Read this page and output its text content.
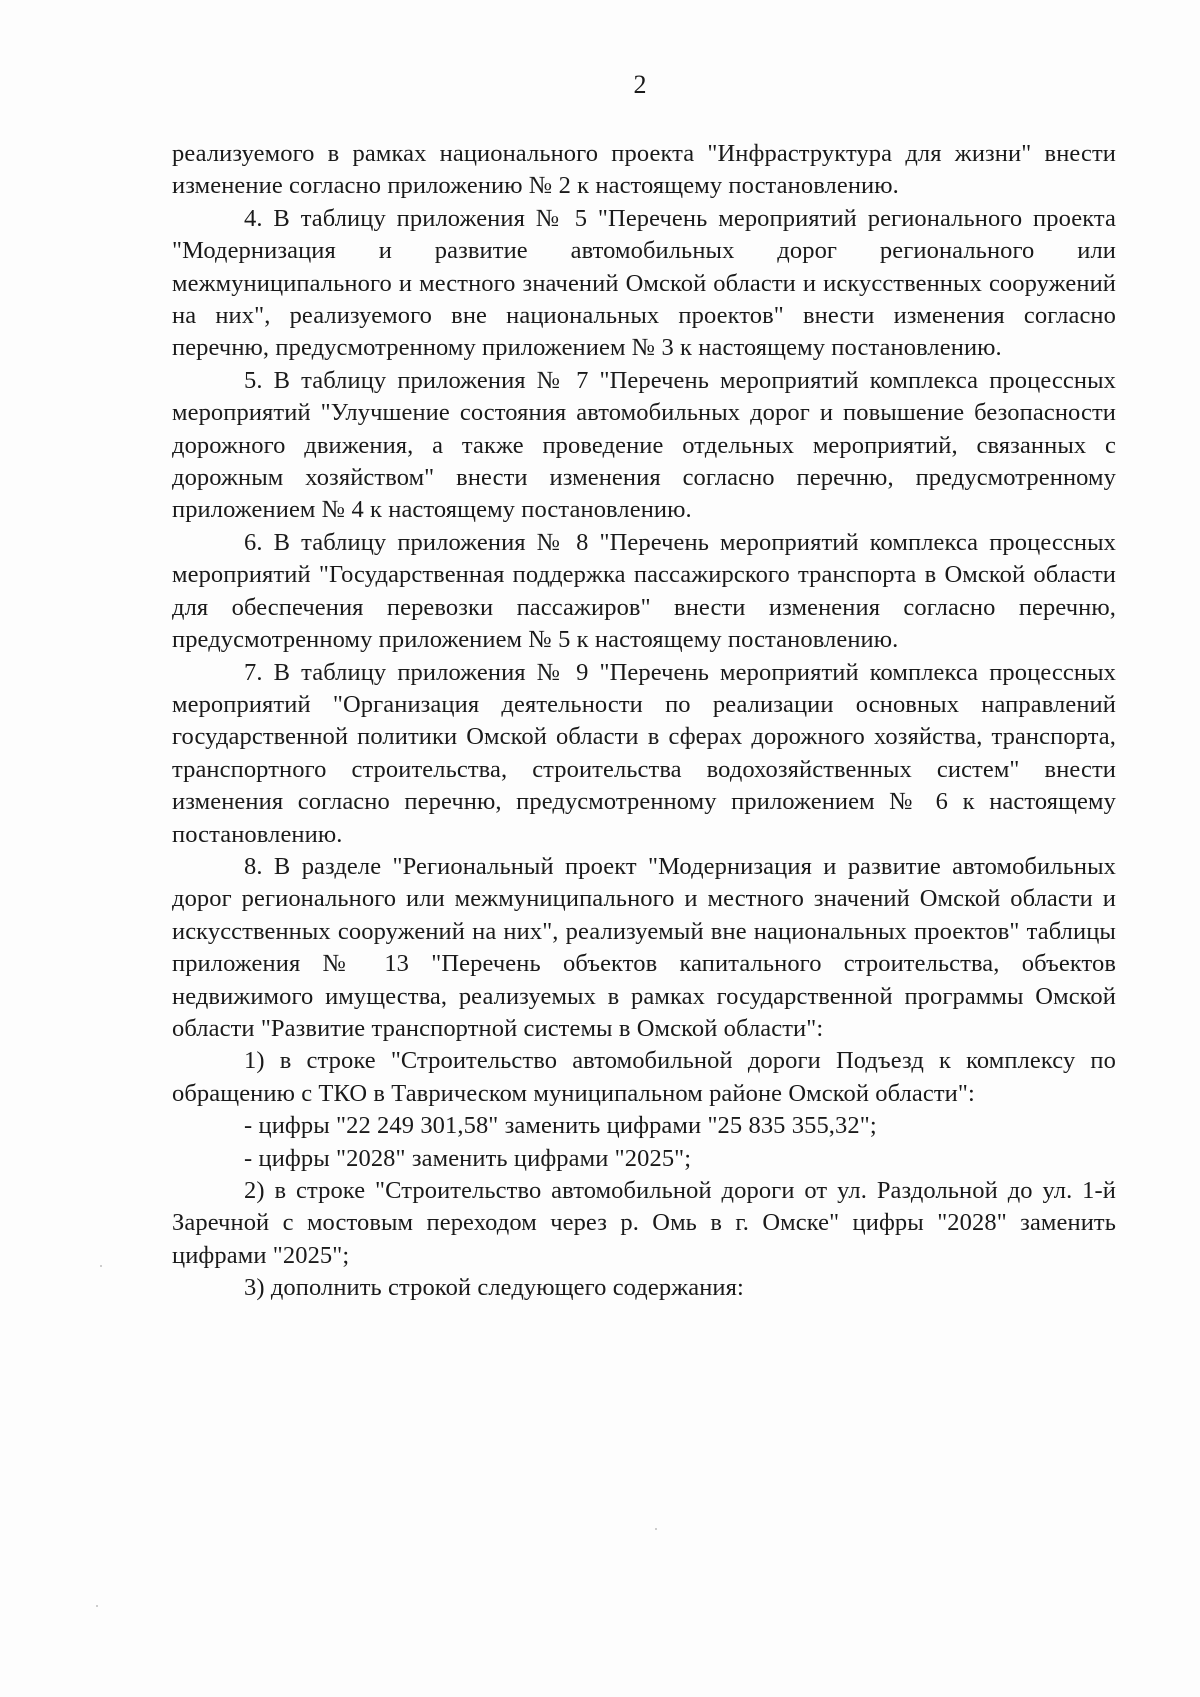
2

реализуемого в рамках национального проекта "Инфраструктура для жизни" внести изменение согласно приложению № 2 к настоящему постановлению.

4. В таблицу приложения № 5 "Перечень мероприятий регионального проекта "Модернизация и развитие автомобильных дорог регионального или межмуниципального и местного значений Омской области и искусственных сооружений на них", реализуемого вне национальных проектов" внести изменения согласно перечню, предусмотренному приложением № 3 к настоящему постановлению.

5. В таблицу приложения № 7 "Перечень мероприятий комплекса процессных мероприятий "Улучшение состояния автомобильных дорог и повышение безопасности дорожного движения, а также проведение отдельных мероприятий, связанных с дорожным хозяйством" внести изменения согласно перечню, предусмотренному приложением № 4 к настоящему постановлению.

6. В таблицу приложения № 8 "Перечень мероприятий комплекса процессных мероприятий "Государственная поддержка пассажирского транспорта в Омской области для обеспечения перевозки пассажиров" внести изменения согласно перечню, предусмотренному приложением № 5 к настоящему постановлению.

7. В таблицу приложения № 9 "Перечень мероприятий комплекса процессных мероприятий "Организация деятельности по реализации основных направлений государственной политики Омской области в сферах дорожного хозяйства, транспорта, транспортного строительства, строительства водохозяйственных систем" внести изменения согласно перечню, предусмотренному приложением № 6 к настоящему постановлению.

8. В разделе "Региональный проект "Модернизация и развитие автомобильных дорог регионального или межмуниципального и местного значений Омской области и искусственных сооружений на них", реализуемый вне национальных проектов" таблицы приложения № 13 "Перечень объектов капитального строительства, объектов недвижимого имущества, реализуемых в рамках государственной программы Омской области "Развитие транспортной системы в Омской области":

1) в строке "Строительство автомобильной дороги Подъезд к комплексу по обращению с ТКО в Таврическом муниципальном районе Омской области":

- цифры "22 249 301,58" заменить цифрами "25 835 355,32";

- цифры "2028" заменить цифрами "2025";

2) в строке "Строительство автомобильной дороги от ул. Раздольной до ул. 1-й Заречной с мостовым переходом через р. Омь в г. Омске" цифры "2028" заменить цифрами "2025";

3) дополнить строкой следующего содержания:
